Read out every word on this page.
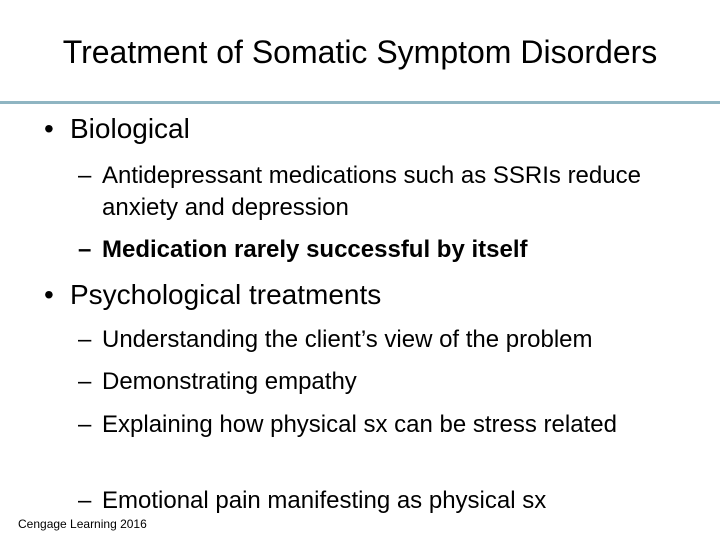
Treatment of Somatic Symptom Disorders
• Biological
– Antidepressant medications such as SSRIs reduce anxiety and depression
– Medication rarely successful by itself
• Psychological treatments
– Understanding the client’s view of the problem
– Demonstrating empathy
– Explaining how physical sx can be stress related
– Emotional pain manifesting as physical sx
Cengage Learning 2016
